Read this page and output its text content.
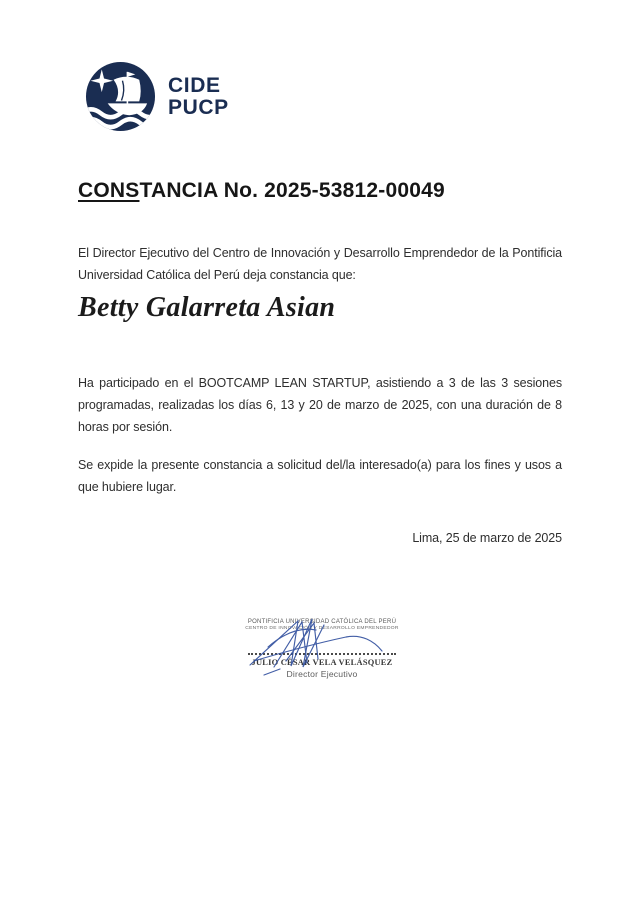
CIDE
PUCP
CONSTANCIA No. 2025-53812-00049

El Director Ejecutivo del Centro de Innovación y Desarrollo Emprendedor de la Pontificia Universidad Católica del Perú deja constancia que:

Betty Galarreta Asian

Ha participado en el BOOTCAMP LEAN STARTUP, asistiendo a 3 de las 3 sesiones programadas, realizadas los días 6, 13 y 20 de marzo de 2025, con una duración de 8 horas por sesión.

Se expide la presente constancia a solicitud del/la interesado(a) para los fines y usos a que hubiere lugar.

Lima, 25 de marzo de 2025
PONTIFICIA UNIVERSIDAD CATÓLICA DEL PERÚ
CENTRO DE INNOVACIÓN Y DESARROLLO EMPRENDEDOR
JULIO CÉSAR VELA VELÁSQUEZ
Director Ejecutivo
